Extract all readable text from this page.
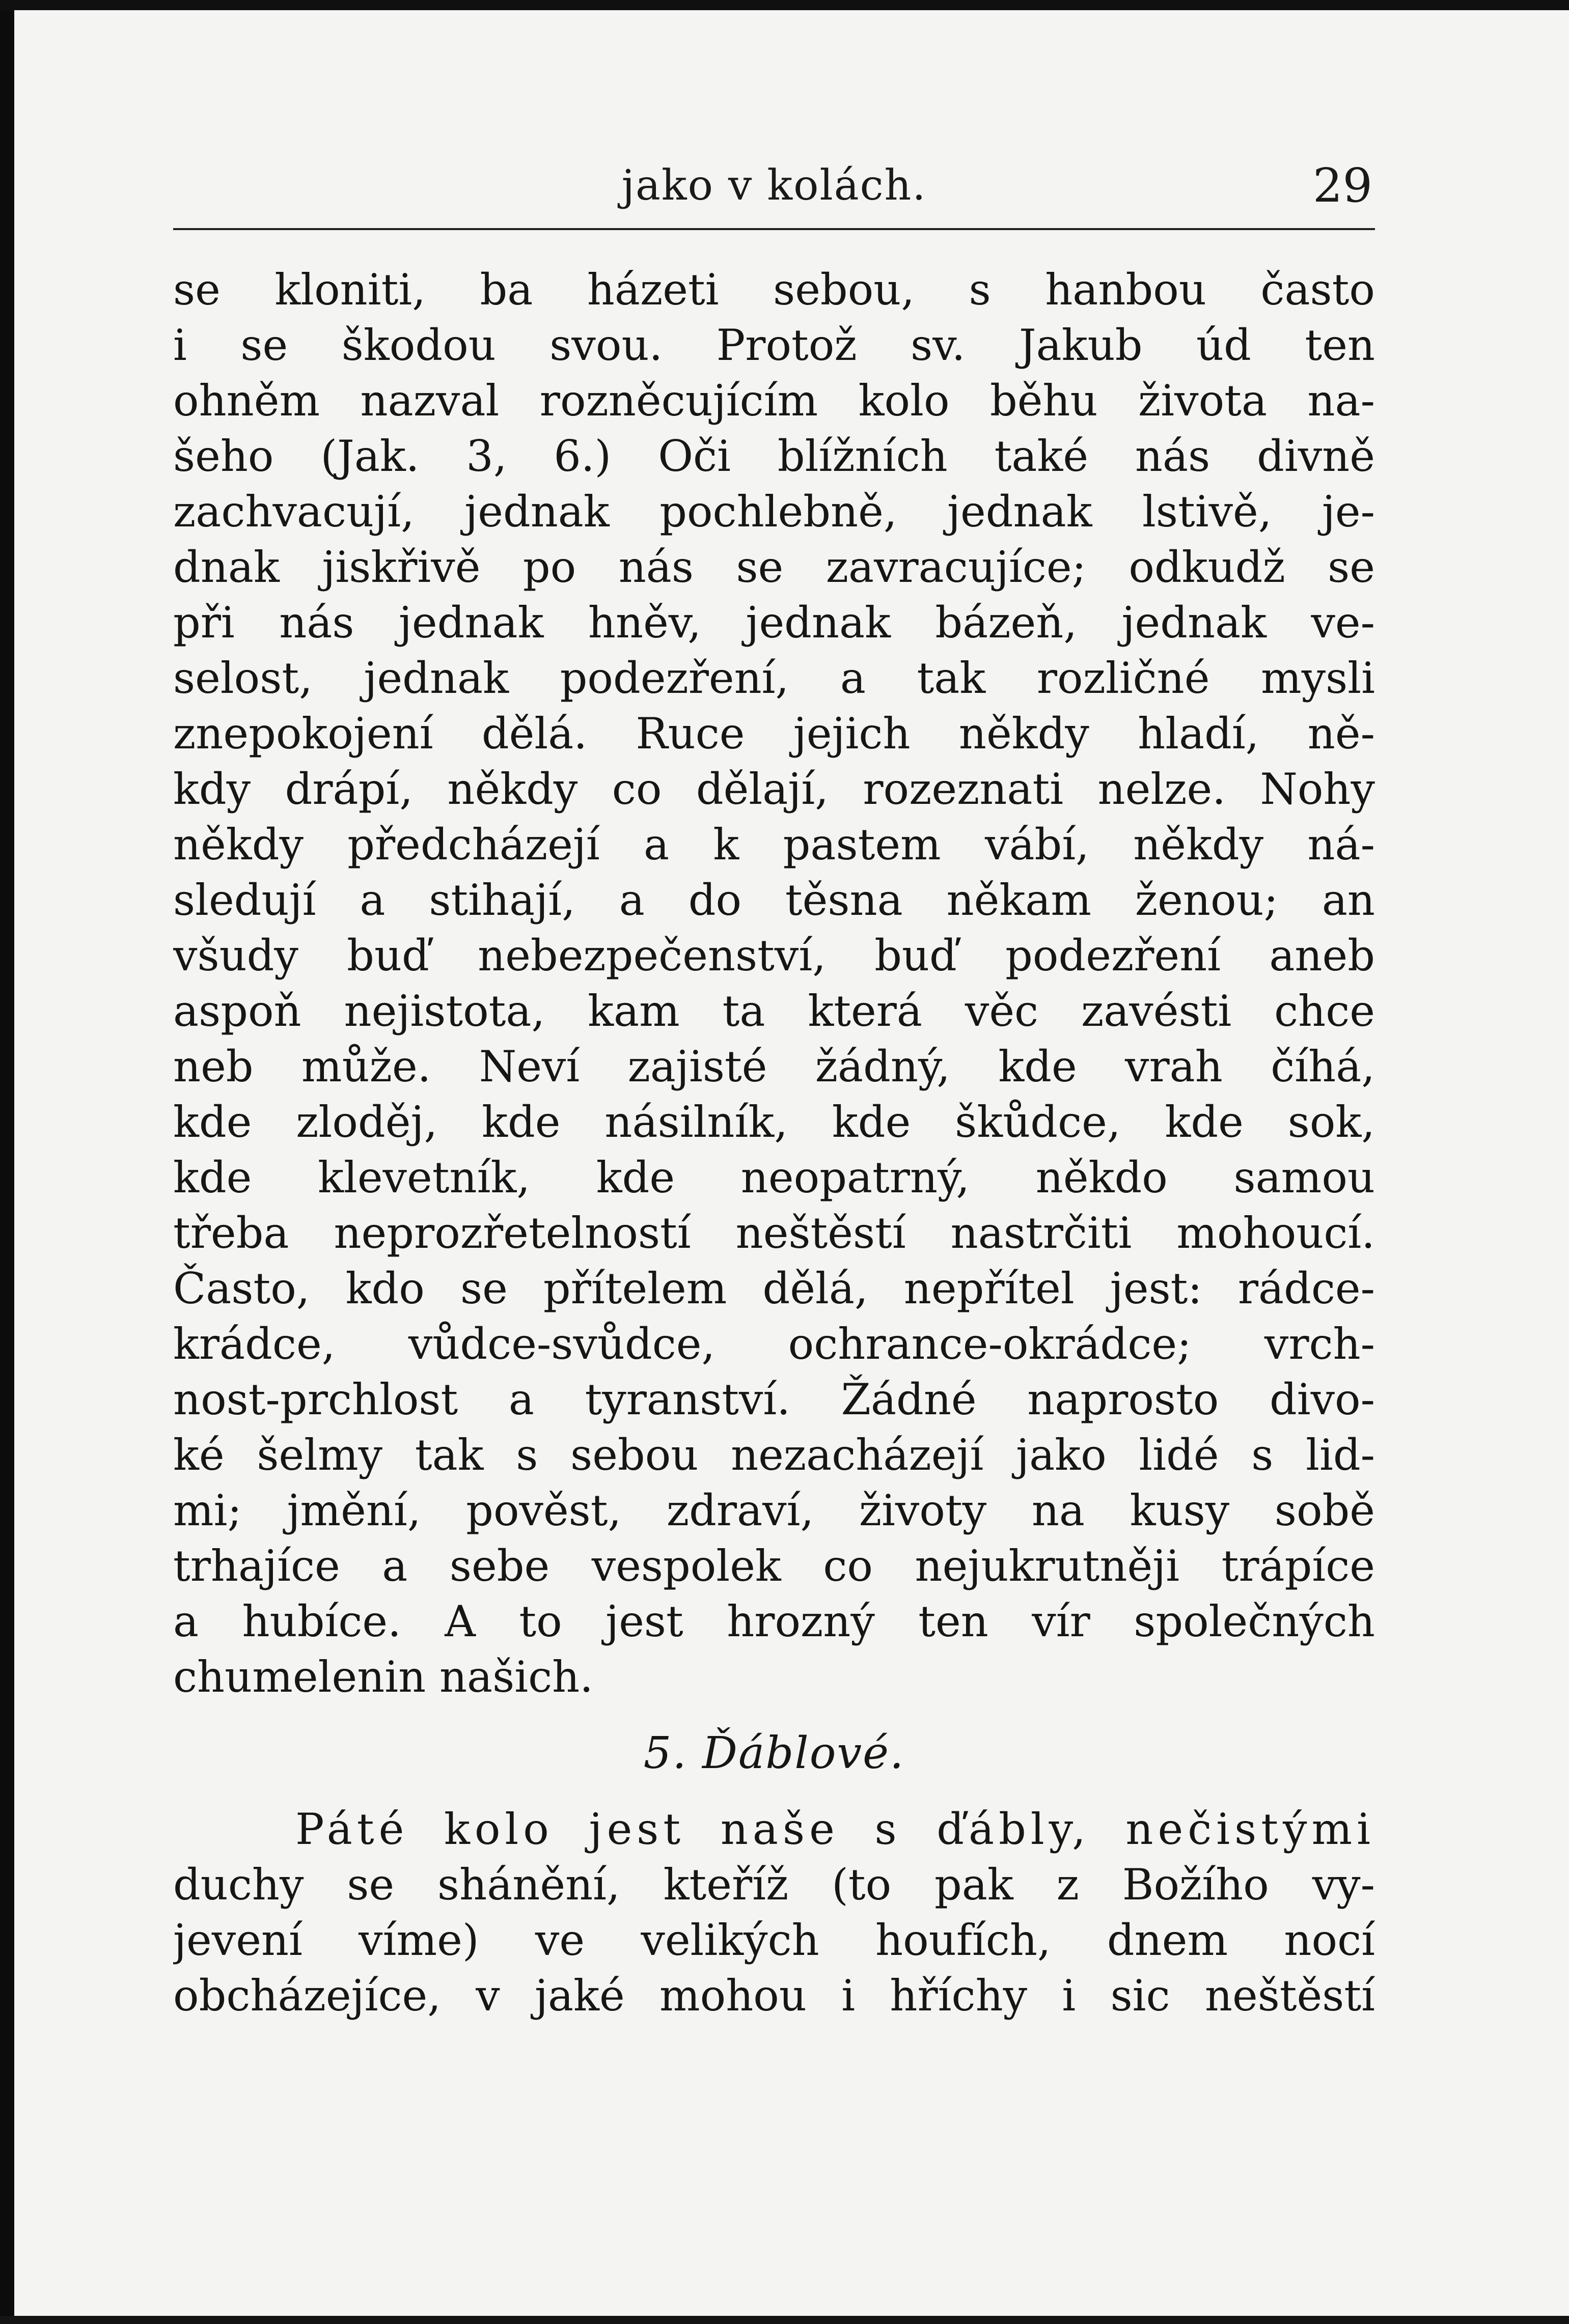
jako v kolách.	29
se kloniti, ba házeti sebou, s hanbou často
i se škodou svou. Protož sv. Jakub úd ten
ohněm nazval rozněcujícím kolo běhu života na-
šeho (Jak. 3, 6.) Oči blížních také nás divně
zachvacují, jednak pochlebně, jednak lstivě, je-
dnak jiskřivě po nás se zavracujíce; odkudž se
při nás jednak hněv, jednak bázeň, jednak ve-
selost, jednak podezření, a tak rozličné mysli
znepokojení dělá. Ruce jejich někdy hladí, ně-
kdy drápí, někdy co dělají, rozeznati nelze. Nohy
někdy předcházejí a k pastem vábí, někdy ná-
sledují a stihají, a do těsna někam ženou; an
všudy buď nebezpečenství, buď podezření aneb
aspoň nejistota, kam ta která věc zavésti chce
neb může. Neví zajisté žádný, kde vrah číhá,
kde zloděj, kde násilník, kde škůdce, kde sok,
kde klevetník, kde neopatrný, někdo samou
třeba neprozřetelností neštěstí nastrčiti mohoucí.
Často, kdo se přítelem dělá, nepřítel jest: rádce-
krádce, vůdce-svůdce, ochrance-okrádce; vrch-
nost-prchlost a tyranství. Žádné naprosto divo-
ké šelmy tak s sebou nezacházejí jako lidé s lid-
mi; jmění, pověst, zdraví, životy na kusy sobě
trhajíce a sebe vespolek co nejukrutněji trápíce
a hubíce. A to jest hrozný ten vír společných
chumelenin našich.
5. Ďáblové.
Páté kolo jest naše s ďábly, nečistými
duchy se shánění, kteříž (to pak z Božího vy-
jevení víme) ve velikých houfích, dnem nocí
obcházejíce, v jaké mohou i hříchy i sic neštěstí
